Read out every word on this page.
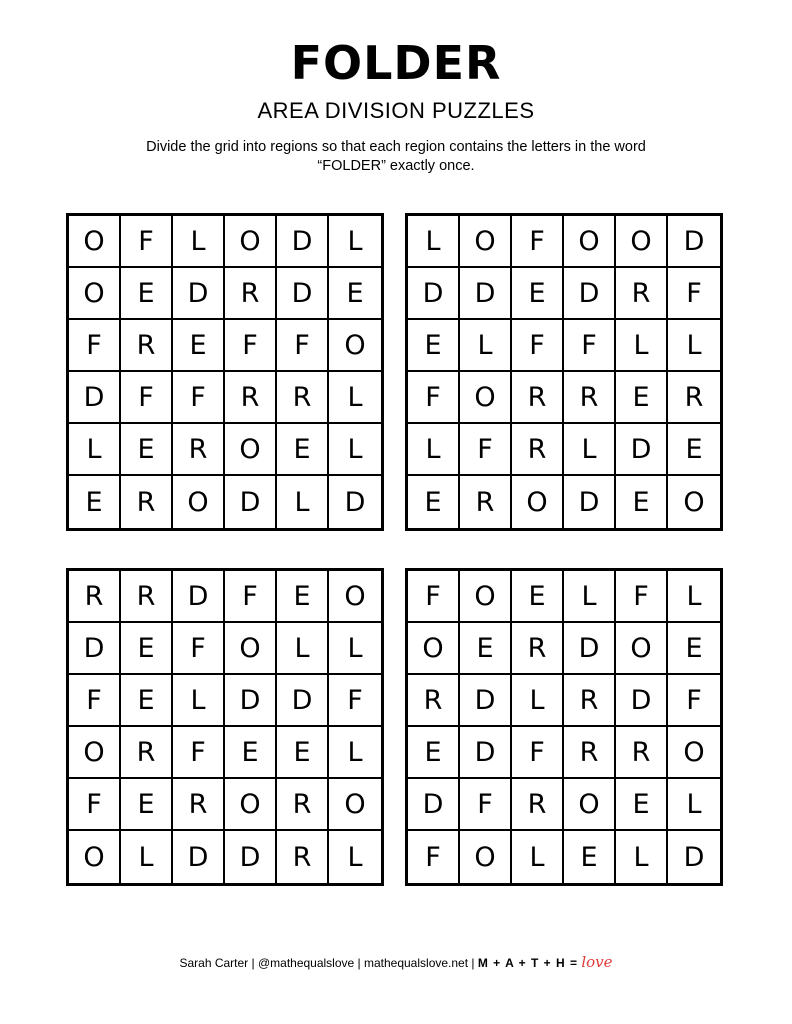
FOLDER
AREA DIVISION PUZZLES
Divide the grid into regions so that each region contains the letters in the word “FOLDER” exactly once.
O	F	L	O	D	L
O	E	D	R	D	E
F	R	E	F	F	O
D	F	F	R	R	L
L	E	R	O	E	L
E	R	O	D	L	D
L	O	F	O	O	D
D	D	E	D	R	F
E	L	F	F	L	L
F	O	R	R	E	R
L	F	R	L	D	E
E	R	O	D	E	O
R	R	D	F	E	O
D	E	F	O	L	L
F	E	L	D	D	F
O	R	F	E	E	L
F	E	R	O	R	O
O	L	D	D	R	L
F	O	E	L	F	L
O	E	R	D	O	E
R	D	L	R	D	F
E	D	F	R	R	O
D	F	R	O	E	L
F	O	L	E	L	D
Sarah Carter | @mathequalslove | mathequalslove.net | M + A + T + H = love
